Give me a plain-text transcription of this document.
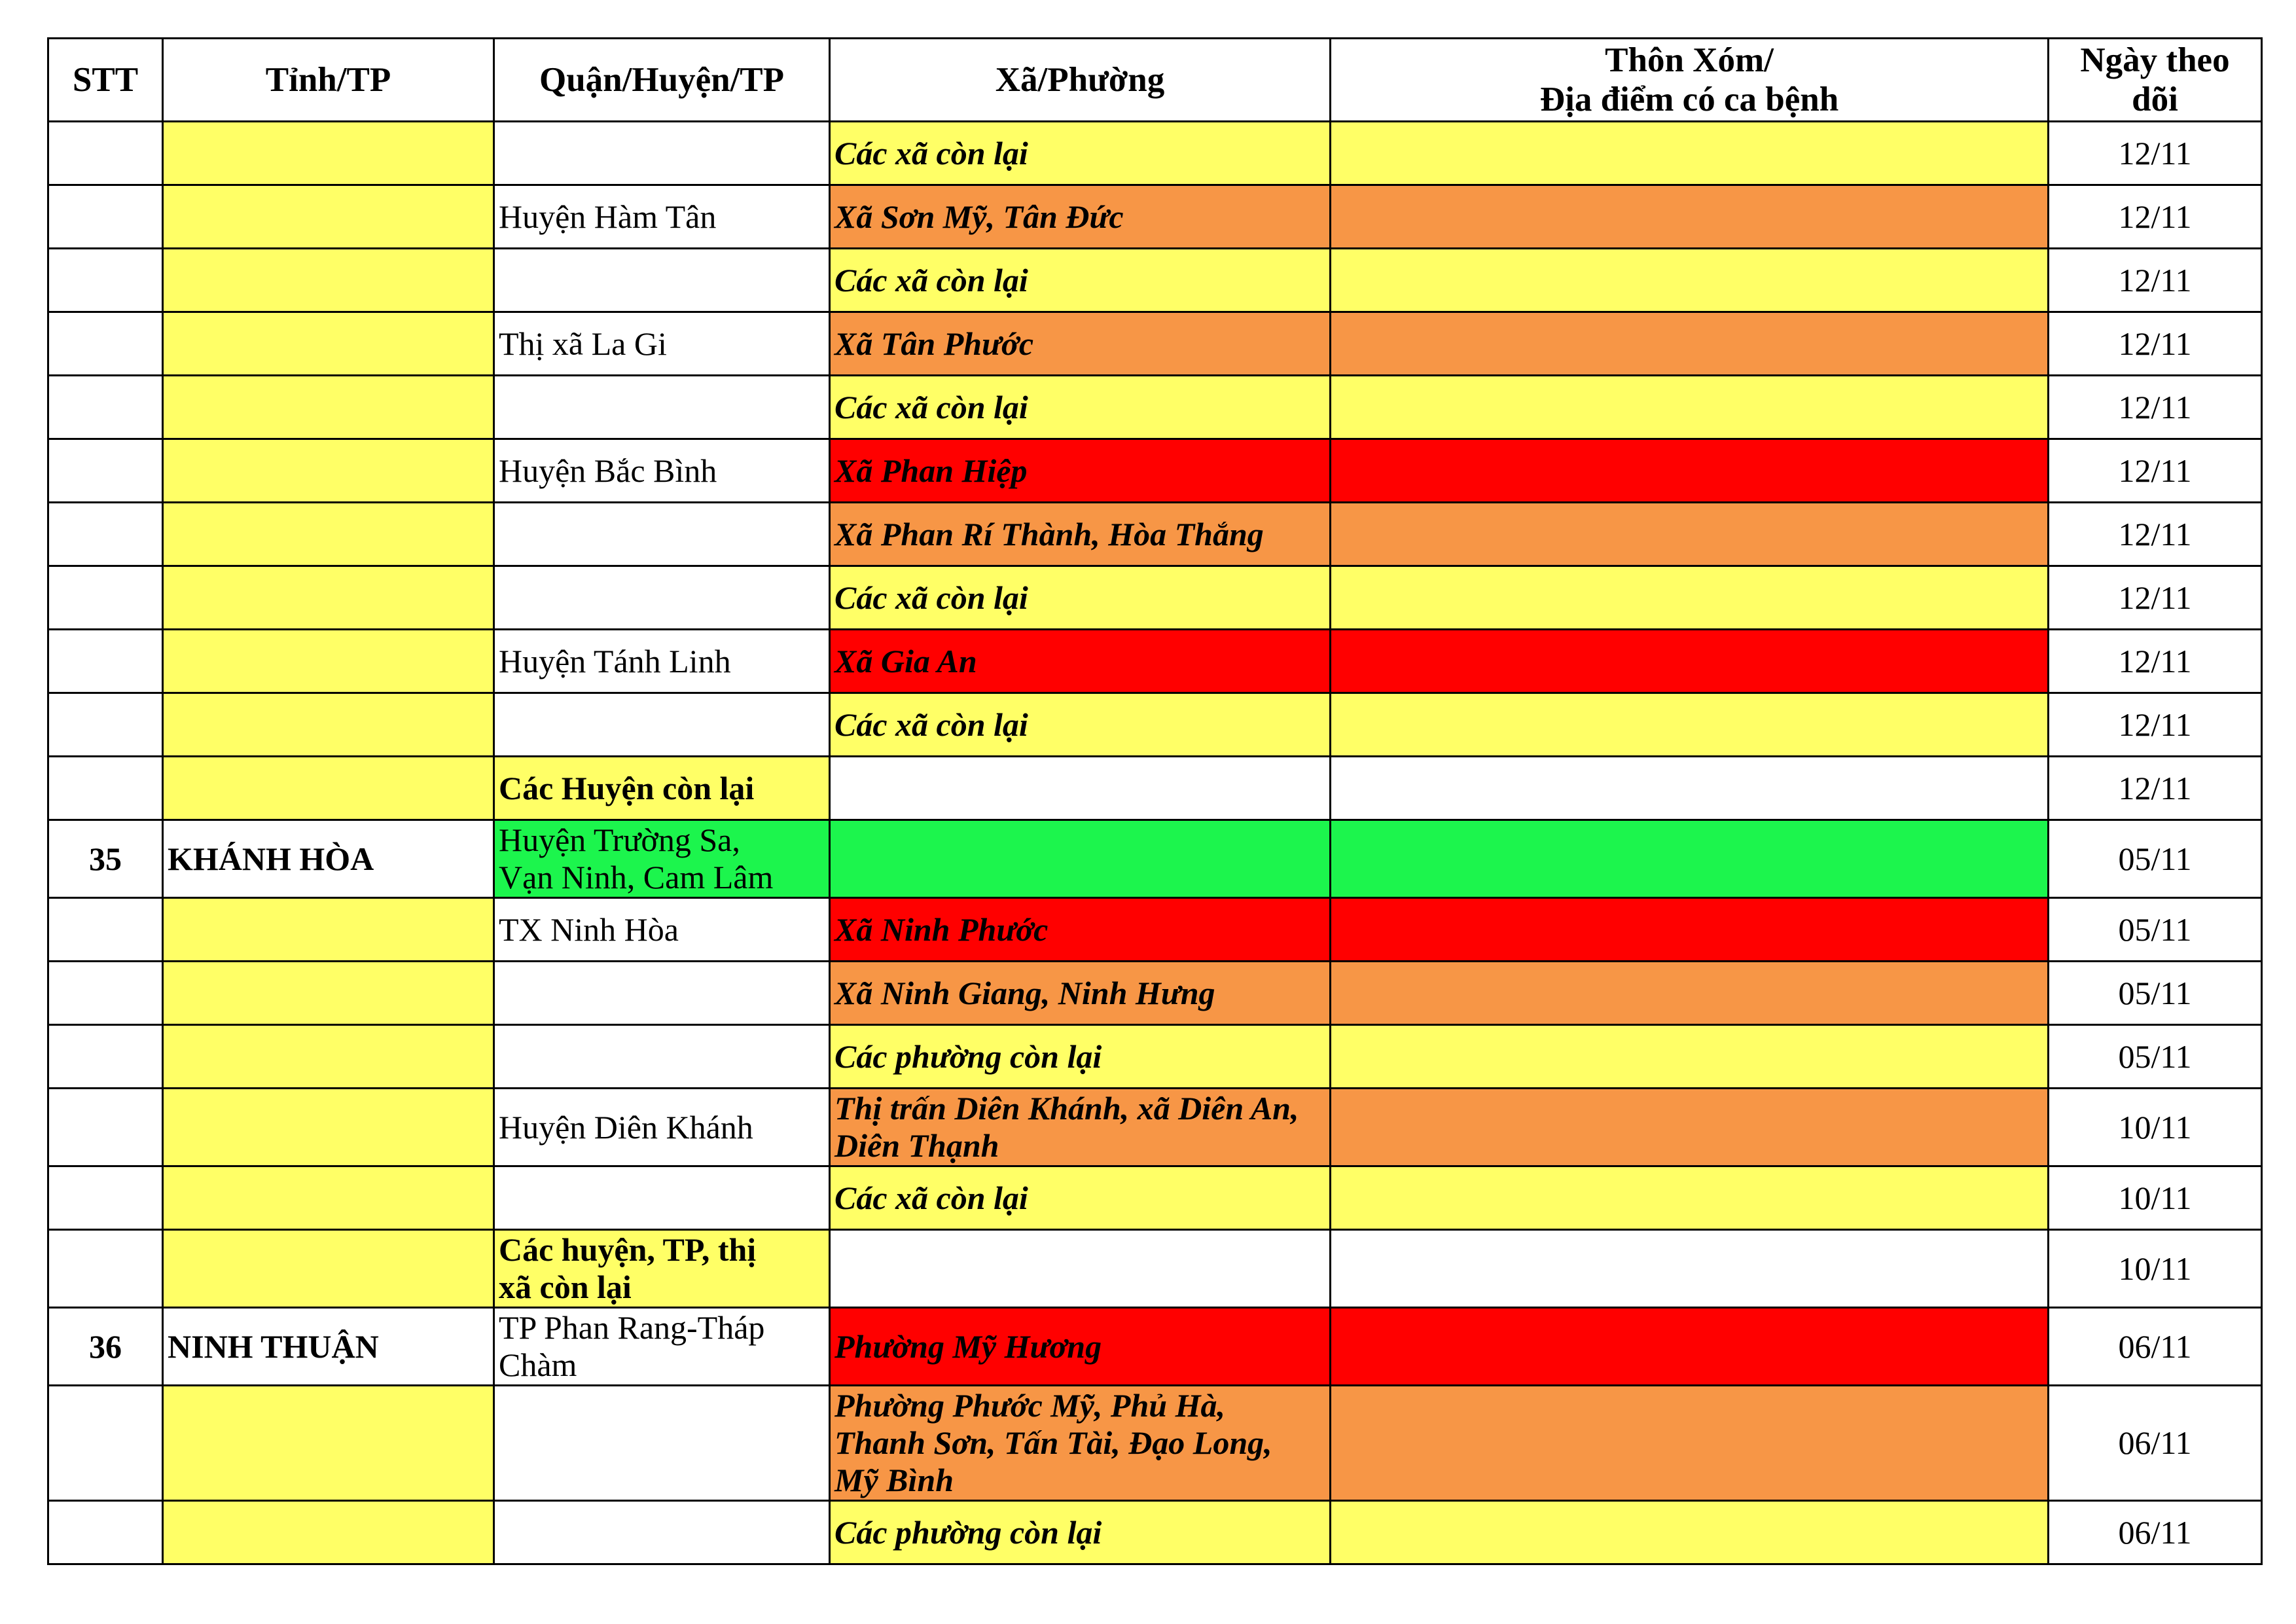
STT	Tỉnh/TP	Quận/Huyện/TP	Xã/Phường	Thôn Xóm/
Địa điểm có ca bệnh	Ngày theo
dõi
			Các xã còn lại		12/11
		Huyện Hàm Tân	Xã Sơn Mỹ, Tân Đức		12/11
			Các xã còn lại		12/11
		Thị xã La Gi	Xã Tân Phước		12/11
			Các xã còn lại		12/11
		Huyện Bắc Bình	Xã Phan Hiệp		12/11
			Xã Phan Rí Thành, Hòa Thắng		12/11
			Các xã còn lại		12/11
		Huyện Tánh Linh	Xã Gia An		12/11
			Các xã còn lại		12/11
		Các Huyện còn lại			12/11
35	KHÁNH HÒA	Huyện Trường Sa,
Vạn Ninh, Cam Lâm			05/11
		TX Ninh Hòa	Xã Ninh Phước		05/11
			Xã Ninh Giang, Ninh Hưng		05/11
			Các phường còn lại		05/11
		Huyện Diên Khánh	Thị trấn Diên Khánh, xã Diên An,
Diên Thạnh		10/11
			Các xã còn lại		10/11
		Các huyện, TP, thị
xã còn lại			10/11
36	NINH THUẬN	TP Phan Rang-Tháp
Chàm	Phường Mỹ Hương		06/11
			Phường Phước Mỹ, Phủ Hà,
Thanh Sơn, Tấn Tài, Đạo Long,
Mỹ Bình		06/11
			Các phường còn lại		06/11
